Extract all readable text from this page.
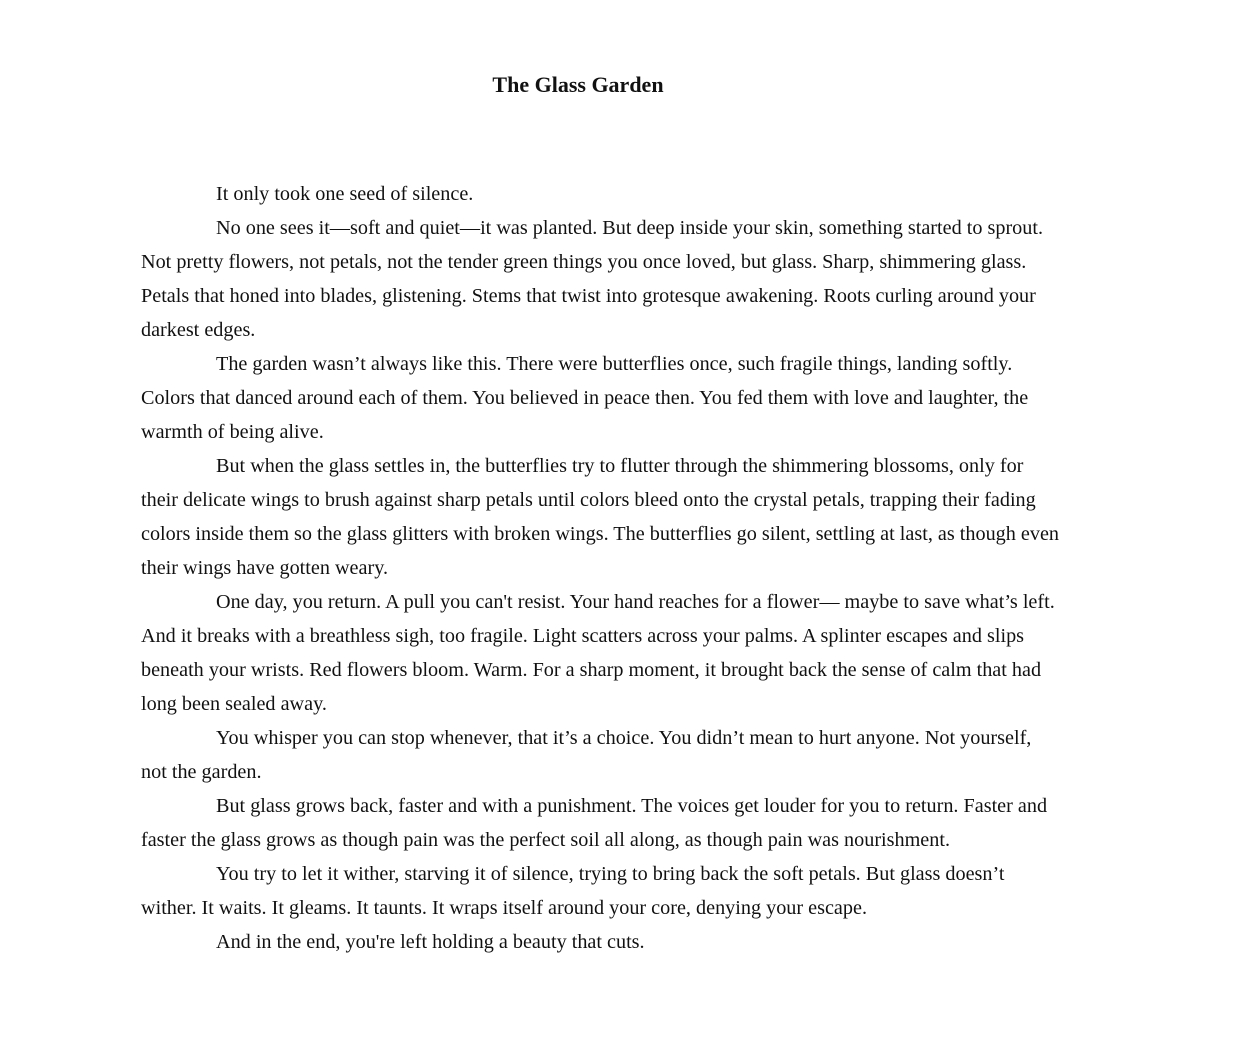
The Glass Garden

It only took one seed of silence.

No one sees it—soft and quiet—it was planted. But deep inside your skin, something started to sprout.
Not pretty flowers, not petals, not the tender green things you once loved, but glass. Sharp, shimmering glass.
Petals that honed into blades, glistening. Stems that twist into grotesque awakening. Roots curling around your
darkest edges.

The garden wasn’t always like this. There were butterflies once, such fragile things, landing softly.
Colors that danced around each of them. You believed in peace then. You fed them with love and laughter, the
warmth of being alive.

But when the glass settles in, the butterflies try to flutter through the shimmering blossoms, only for
their delicate wings to brush against sharp petals until colors bleed onto the crystal petals, trapping their fading
colors inside them so the glass glitters with broken wings. The butterflies go silent, settling at last, as though even
their wings have gotten weary.

One day, you return. A pull you can't resist. Your hand reaches for a flower— maybe to save what’s left.
And it breaks with a breathless sigh, too fragile. Light scatters across your palms. A splinter escapes and slips
beneath your wrists. Red flowers bloom. Warm. For a sharp moment, it brought back the sense of calm that had
long been sealed away.

You whisper you can stop whenever, that it’s a choice. You didn’t mean to hurt anyone. Not yourself,
not the garden.

But glass grows back, faster and with a punishment. The voices get louder for you to return. Faster and
faster the glass grows as though pain was the perfect soil all along, as though pain was nourishment.

You try to let it wither, starving it of silence, trying to bring back the soft petals. But glass doesn’t
wither. It waits. It gleams. It taunts. It wraps itself around your core, denying your escape.

And in the end, you're left holding a beauty that cuts.
